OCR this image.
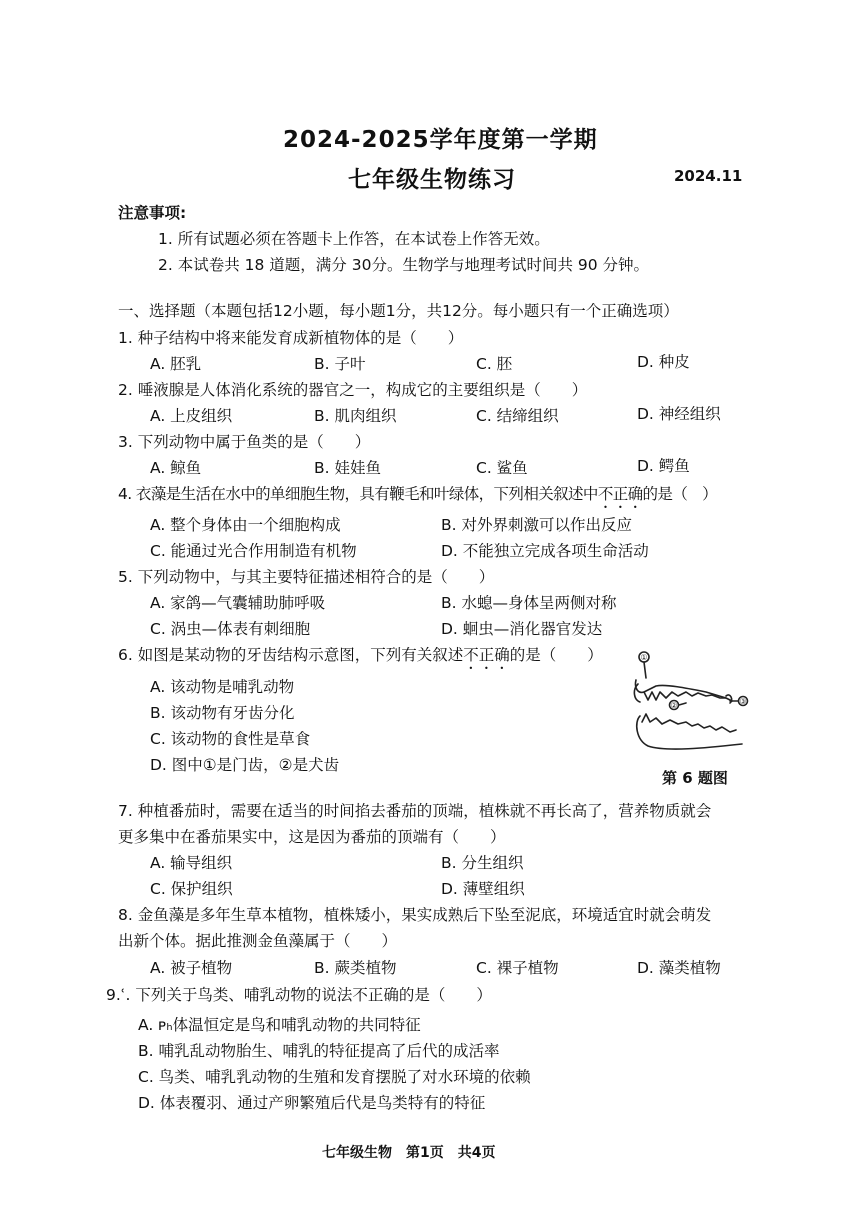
2024-2025学年度第一学期
七年级生物练习	2024.11
注意事项:
1. 所有试题必须在答题卡上作答，在本试卷上作答无效。
2. 本试卷共 18 道题，满分 30分。生物学与地理考试时间共 90 分钟。
一、选择题（本题包括12小题，每小题1分，共12分。每小题只有一个正确选项）
1. 种子结构中将来能发育成新植物体的是（　　）
A. 胚乳	B. 子叶	C. 胚	D. 种皮
2. 唾液腺是人体消化系统的器官之一，构成它的主要组织是（　　）
A. 上皮组织	B. 肌肉组织	C. 结缔组织	D. 神经组织
3. 下列动物中属于鱼类的是（　　）
A. 鲸鱼	B. 娃娃鱼	C. 鲨鱼	D. 鳄鱼
4. 衣藻是生活在水中的单细胞生物，具有鞭毛和叶绿体，下列相关叙述中不正确的是（　）
A. 整个身体由一个细胞构成	B. 对外界刺激可以作出反应
C. 能通过光合作用制造有机物	D. 不能独立完成各项生命活动
5. 下列动物中，与其主要特征描述相符合的是（　　）
A. 家鸽—气囊辅助肺呼吸	B. 水螅—身体呈两侧对称
C. 涡虫—体表有刺细胞	D. 蛔虫—消化器官发达
6. 如图是某动物的牙齿结构示意图，下列有关叙述不正确的是（　　）
A. 该动物是哺乳动物
B. 该动物有牙齿分化
C. 该动物的食性是草食
D. 图中①是门齿，②是犬齿
①
②	③
第 6 题图
7. 种植番茄时，需要在适当的时间掐去番茄的顶端，植株就不再长高了，营养物质就会
更多集中在番茄果实中，这是因为番茄的顶端有（　　）
A. 输导组织	B. 分生组织
C. 保护组织	D. 薄壁组织
8. 金鱼藻是多年生草本植物，植株矮小，果实成熟后下坠至泥底，环境适宜时就会萌发
出新个体。据此推测金鱼藻属于（　　）
A. 被子植物	B. 蕨类植物	C. 裸子植物	D. 藻类植物
9.ʿ. 下列关于鸟类、哺乳动物的说法不正确的是（　　）
A. ᴘₕ体温恒定是鸟和哺乳动物的共同特征
B. 哺乳乱动物胎生、哺乳的特征提高了后代的成活率
C. 鸟类、哺乳乳动物的生殖和发育摆脱了对水环境的依赖
D. 体表覆羽、通过产卵繁殖后代是鸟类特有的特征
七年级生物　第1页　共4页
